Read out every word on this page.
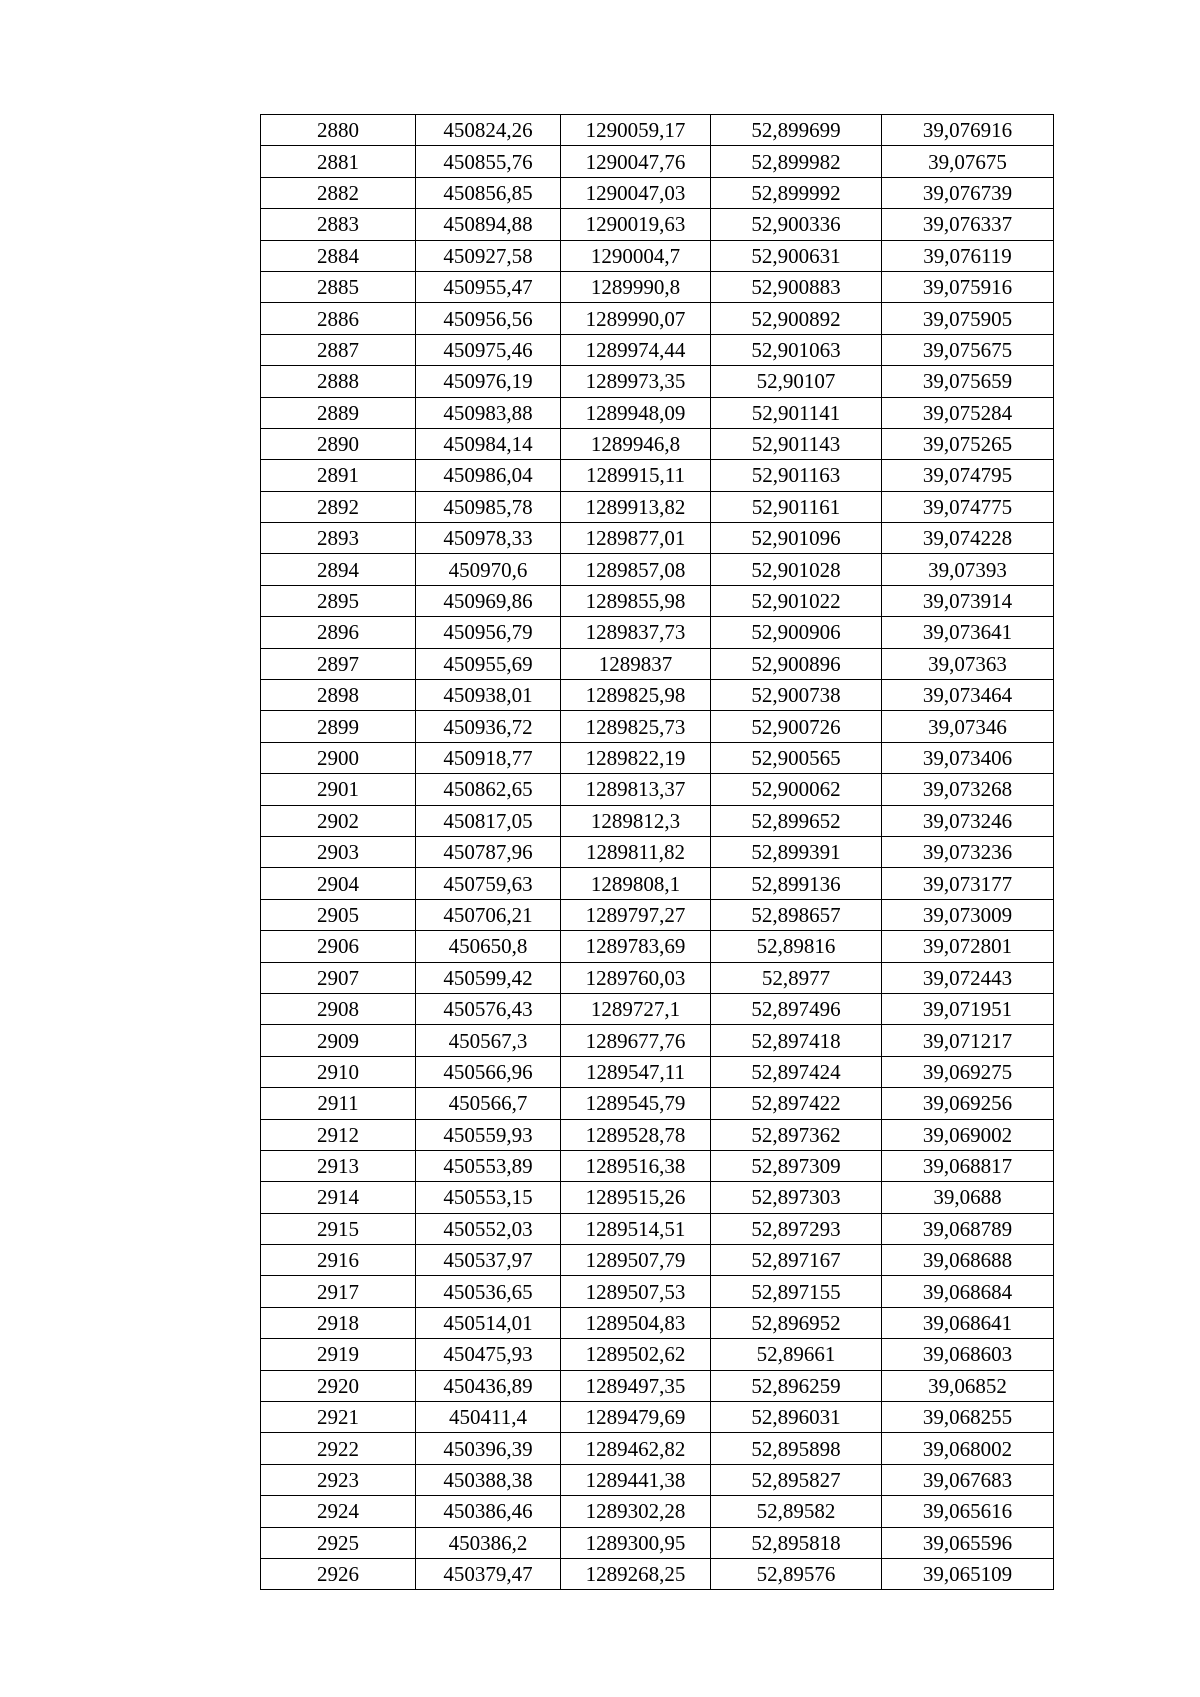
2880	450824,26	1290059,17	52,899699	39,076916
2881	450855,76	1290047,76	52,899982	39,07675
2882	450856,85	1290047,03	52,899992	39,076739
2883	450894,88	1290019,63	52,900336	39,076337
2884	450927,58	1290004,7	52,900631	39,076119
2885	450955,47	1289990,8	52,900883	39,075916
2886	450956,56	1289990,07	52,900892	39,075905
2887	450975,46	1289974,44	52,901063	39,075675
2888	450976,19	1289973,35	52,90107	39,075659
2889	450983,88	1289948,09	52,901141	39,075284
2890	450984,14	1289946,8	52,901143	39,075265
2891	450986,04	1289915,11	52,901163	39,074795
2892	450985,78	1289913,82	52,901161	39,074775
2893	450978,33	1289877,01	52,901096	39,074228
2894	450970,6	1289857,08	52,901028	39,07393
2895	450969,86	1289855,98	52,901022	39,073914
2896	450956,79	1289837,73	52,900906	39,073641
2897	450955,69	1289837	52,900896	39,07363
2898	450938,01	1289825,98	52,900738	39,073464
2899	450936,72	1289825,73	52,900726	39,07346
2900	450918,77	1289822,19	52,900565	39,073406
2901	450862,65	1289813,37	52,900062	39,073268
2902	450817,05	1289812,3	52,899652	39,073246
2903	450787,96	1289811,82	52,899391	39,073236
2904	450759,63	1289808,1	52,899136	39,073177
2905	450706,21	1289797,27	52,898657	39,073009
2906	450650,8	1289783,69	52,89816	39,072801
2907	450599,42	1289760,03	52,8977	39,072443
2908	450576,43	1289727,1	52,897496	39,071951
2909	450567,3	1289677,76	52,897418	39,071217
2910	450566,96	1289547,11	52,897424	39,069275
2911	450566,7	1289545,79	52,897422	39,069256
2912	450559,93	1289528,78	52,897362	39,069002
2913	450553,89	1289516,38	52,897309	39,068817
2914	450553,15	1289515,26	52,897303	39,0688
2915	450552,03	1289514,51	52,897293	39,068789
2916	450537,97	1289507,79	52,897167	39,068688
2917	450536,65	1289507,53	52,897155	39,068684
2918	450514,01	1289504,83	52,896952	39,068641
2919	450475,93	1289502,62	52,89661	39,068603
2920	450436,89	1289497,35	52,896259	39,06852
2921	450411,4	1289479,69	52,896031	39,068255
2922	450396,39	1289462,82	52,895898	39,068002
2923	450388,38	1289441,38	52,895827	39,067683
2924	450386,46	1289302,28	52,89582	39,065616
2925	450386,2	1289300,95	52,895818	39,065596
2926	450379,47	1289268,25	52,89576	39,065109
